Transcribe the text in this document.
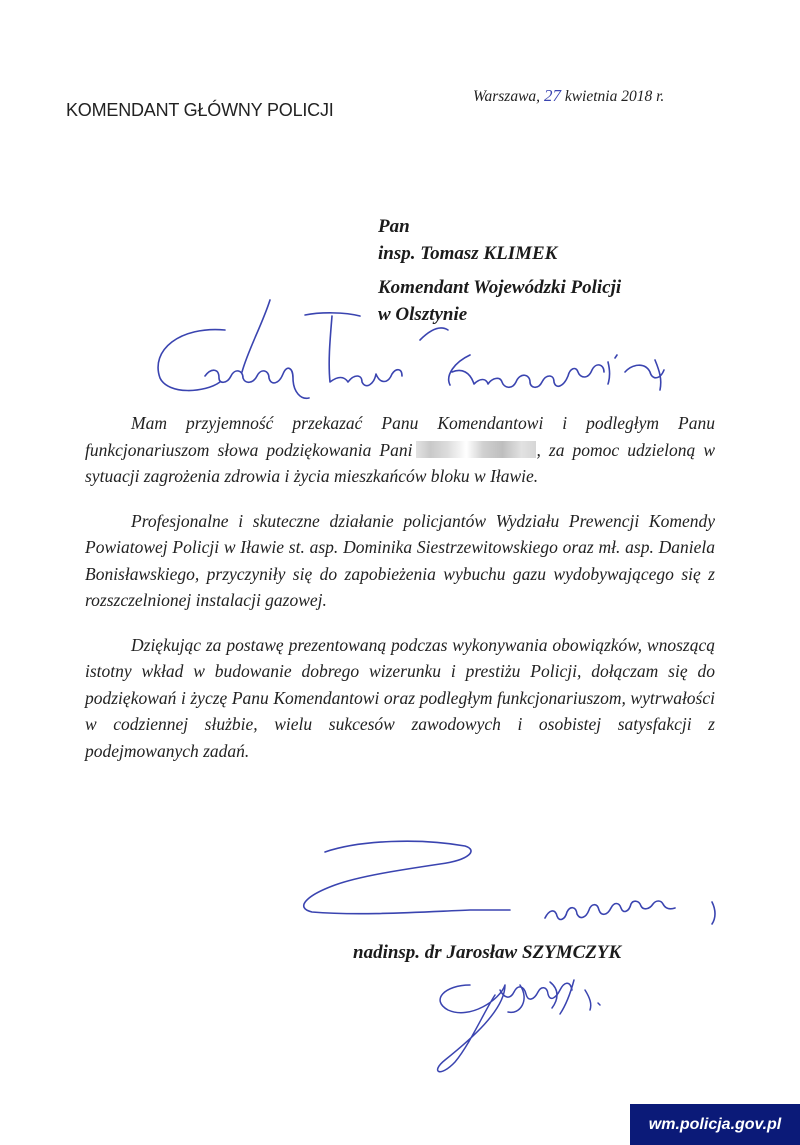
KOMENDANT GŁÓWNY POLICJI
Warszawa, 27 kwietnia 2018 r.
Pan
insp. Tomasz KLIMEK
Komendant Wojewódzki Policji
w Olsztynie

Mam przyjemność przekazać Panu Komendantowi i podległym Panu funkcjonariuszom słowa podziękowania Pani	, za pomoc udzieloną w sytuacji zagrożenia zdrowia i życia mieszkańców bloku w Iławie.

Profesjonalne i skuteczne działanie policjantów Wydziału Prewencji Komendy Powiatowej Policji w Iławie st. asp. Dominika Siestrzewitowskiego oraz mł. asp. Daniela Bonisławskiego, przyczyniły się do zapobieżenia wybuchu gazu wydobywającego się z rozszczelnionej instalacji gazowej.

Dziękując za postawę prezentowaną podczas wykonywania obowiązków, wnoszącą istotny wkład w budowanie dobrego wizerunku i prestiżu Policji, dołączam się do podziękowań i życzę Panu Komendantowi oraz podległym funkcjonariuszom, wytrwałości w codziennej służbie, wielu sukcesów zawodowych i osobistej satysfakcji z podejmowanych zadań.

nadinsp. dr Jarosław SZYMCZYK
wm.policja.gov.pl
